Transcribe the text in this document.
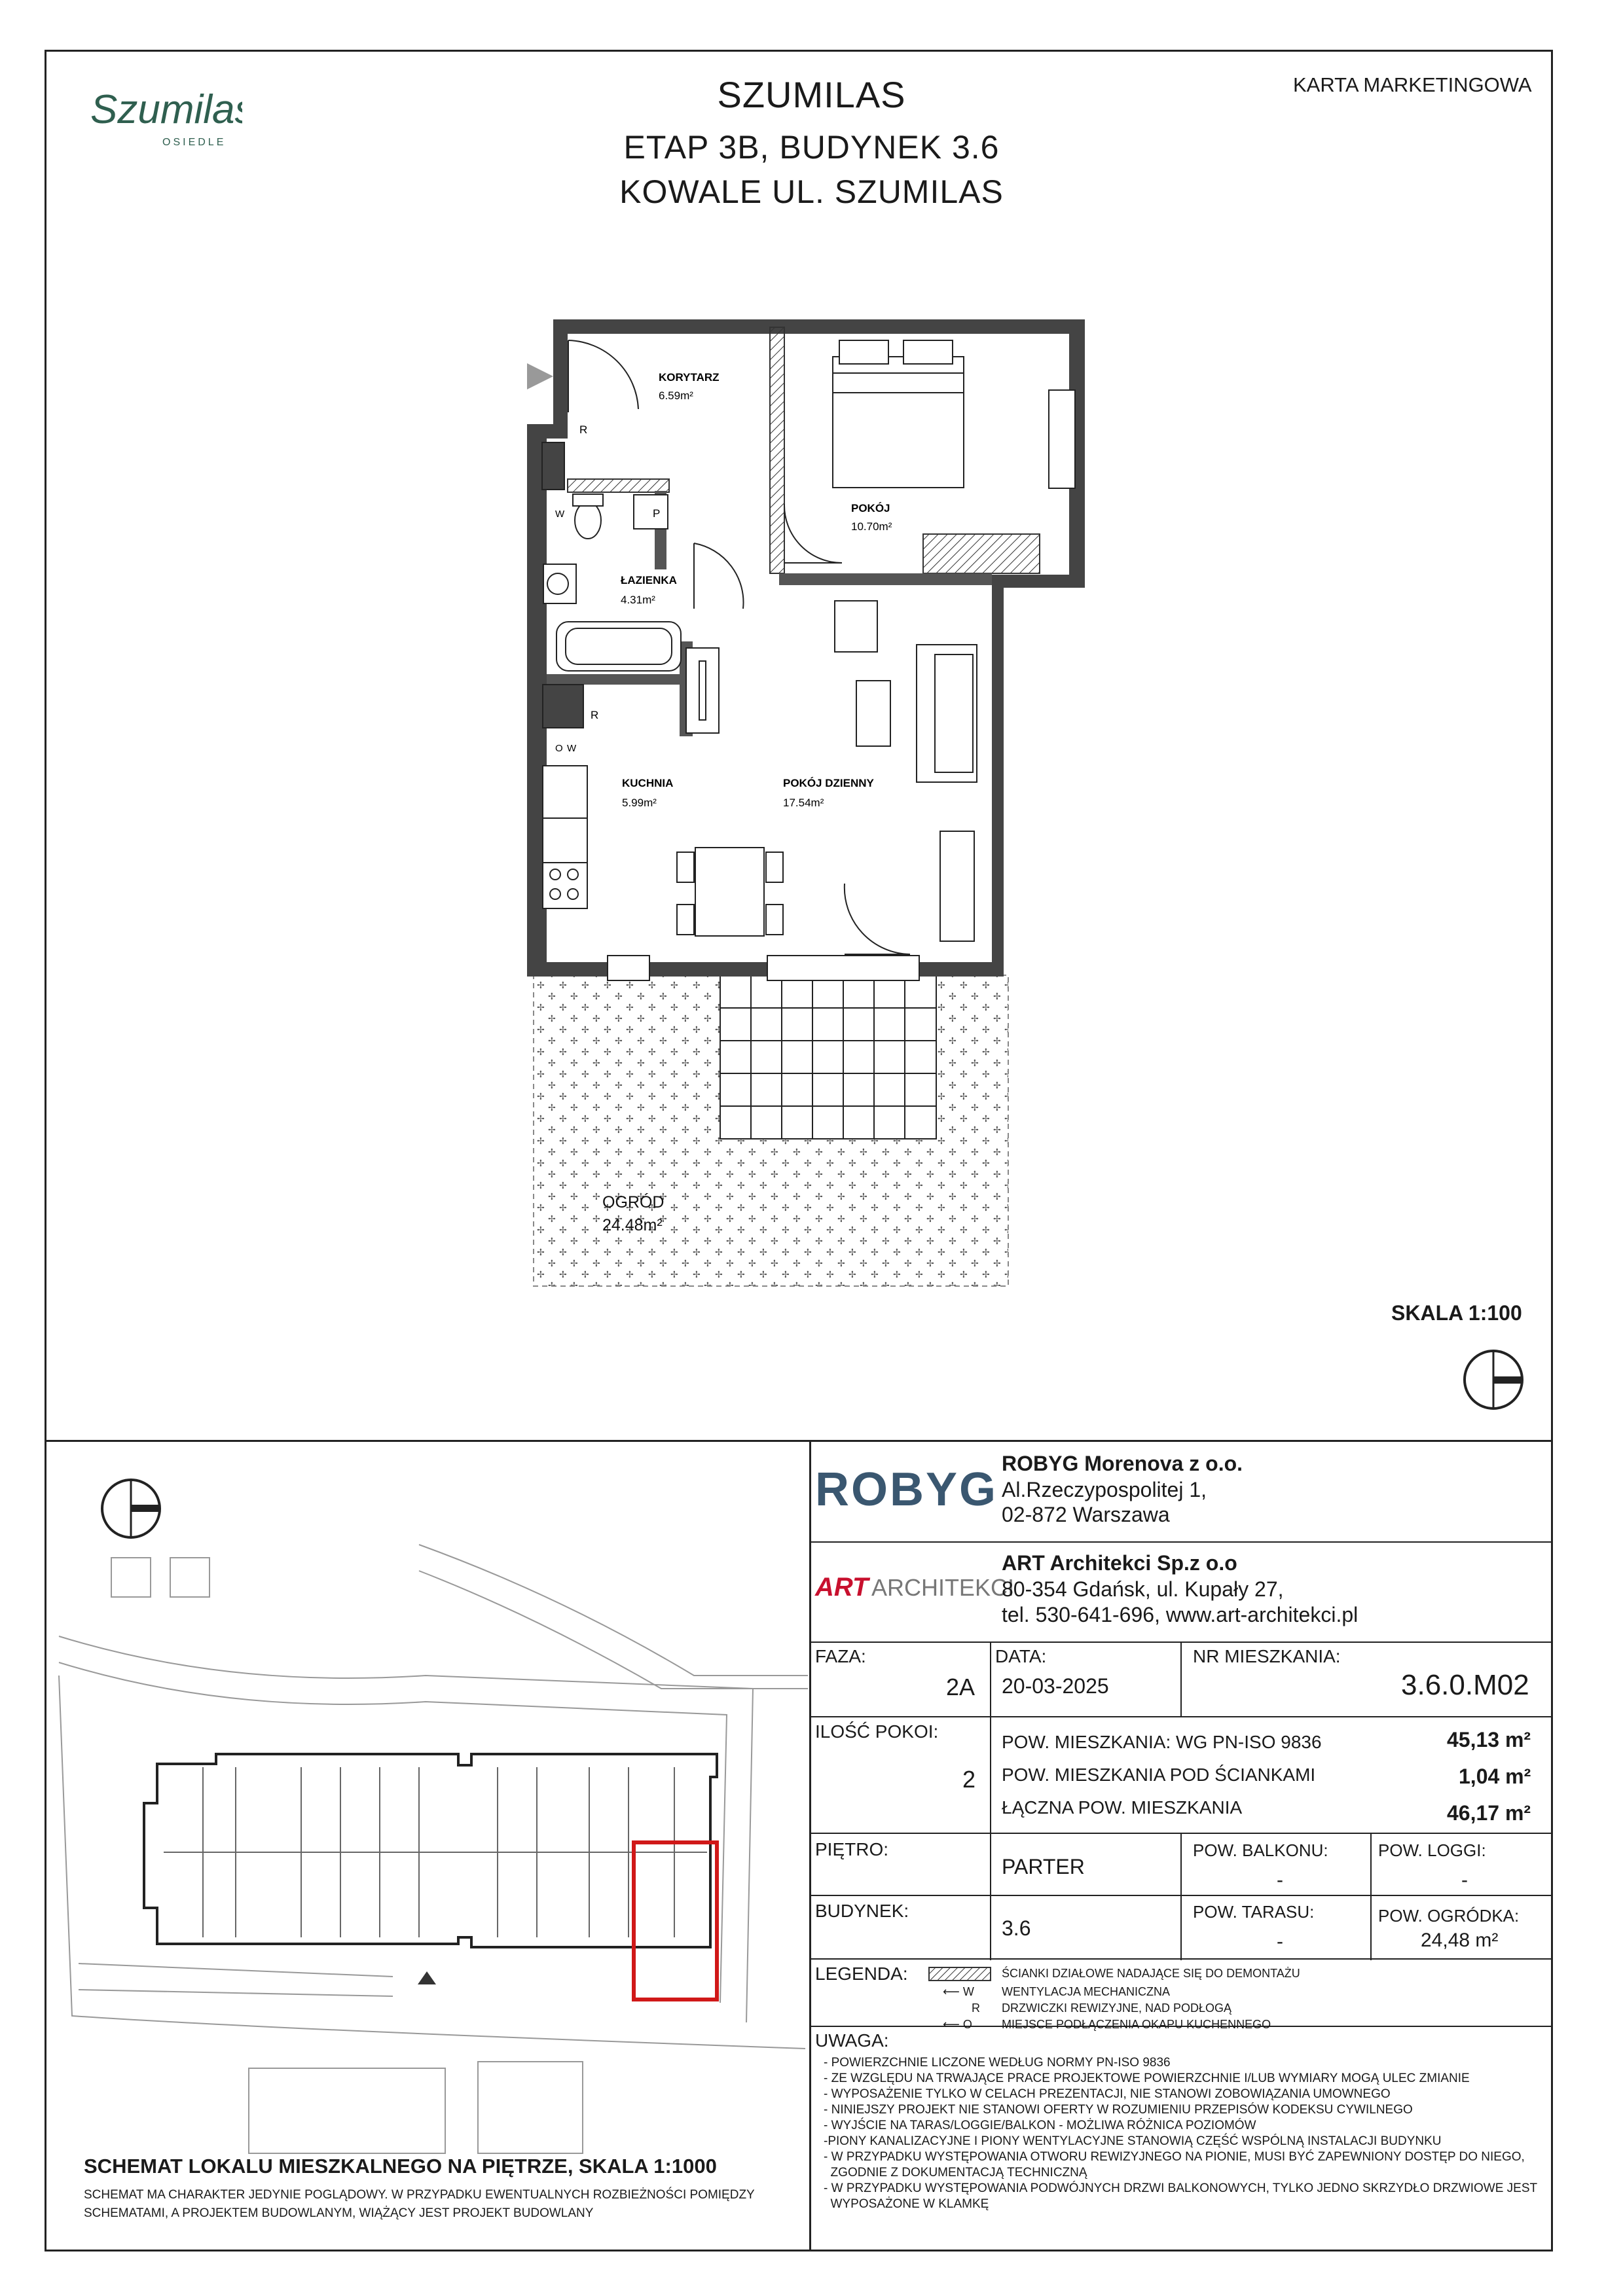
Szumilas
OSIEDLE
SZUMILAS
ETAP 3B, BUDYNEK 3.6
KOWALE UL. SZUMILAS
KARTA MARKETINGOWA
OGRÓD
24.48m²
KORYTARZ
6.59m²
POKÓJ
10.70m²
ŁAZIENKA
4.31m²
KUCHNIA
5.99m²
POKÓJ DZIENNY
17.54m²
R
P
R
W
O W
SKALA 1:100
ROBYG ROBYG Morenova z o.o.
Al.Rzeczypospolitej 1,
02-872 Warszawa
ART ARCHITEKCI
ART Architekci Sp.z o.o
80-354 Gdańsk, ul. Kupały 27,
tel. 530-641-696, www.art-architekci.pl
FAZA:
2A
DATA:
20-03-2025
NR MIESZKANIA:
3.6.0.M02
ILOŚĆ POKOI:
2
POW. MIESZKANIA: WG PN-ISO 9836	45,13 m²
POW. MIESZKANIA POD ŚCIANKAMI	1,04 m²
ŁĄCZNA POW. MIESZKANIA	46,17 m²
PIĘTRO:
PARTER
POW. BALKONU:
-
POW. LOGGI:
-
BUDYNEK:
3.6
POW. TARASU:
-
POW. OGRÓDKA:
24,48 m²
LEGENDA:	ŚCIANKI DZIAŁOWE NADAJĄCE SIĘ DO DEMONTAŻU
⟵ W WENTYLACJA MECHANICZNA
R DRZWICZKI REWIZYJNE, NAD PODŁOGĄ
⟵ O	MIEJSCE PODŁĄCZENIA OKAPU KUCHENNEGO
UWAGA:
- POWIERZCHNIE LICZONE WEDŁUG NORMY PN-ISO 9836
- ZE WZGLĘDU NA TRWAJĄCE PRACE PROJEKTOWE POWIERZCHNIE I/LUB WYMIARY MOGĄ ULEC ZMIANIE
- WYPOSAŻENIE TYLKO W CELACH PREZENTACJI, NIE STANOWI ZOBOWIĄZANIA UMOWNEGO
- NINIEJSZY PROJEKT NIE STANOWI OFERTY W ROZUMIENIU PRZEPISÓW KODEKSU CYWILNEGO
- WYJŚCIE NA TARAS/LOGGIE/BALKON - MOŻLIWA RÓŻNICA POZIOMÓW
-PIONY KANALIZACYJNE I PIONY WENTYLACYJNE STANOWIĄ CZĘŚĆ WSPÓLNĄ INSTALACJI BUDYNKU
- W PRZYPADKU WYSTĘPOWANIA OTWORU REWIZYJNEGO NA PIONIE, MUSI BYĆ ZAPEWNIONY DOSTĘP DO NIEGO,
ZGODNIE Z DOKUMENTACJĄ TECHNICZNĄ
- W PRZYPADKU WYSTĘPOWANIA PODWÓJNYCH DRZWI BALKONOWYCH, TYLKO JEDNO SKRZYDŁO DRZWIOWE JEST
WYPOSAŻONE W KLAMKĘ
SCHEMAT LOKALU MIESZKALNEGO NA PIĘTRZE, SKALA 1:1000
SCHEMAT MA CHARAKTER JEDYNIE POGLĄDOWY. W PRZYPADKU EWENTUALNYCH ROZBIEŻNOŚCI POMIĘDZY
SCHEMATAMI, A PROJEKTEM BUDOWLANYM, WIĄŻĄCY JEST PROJEKT BUDOWLANY
